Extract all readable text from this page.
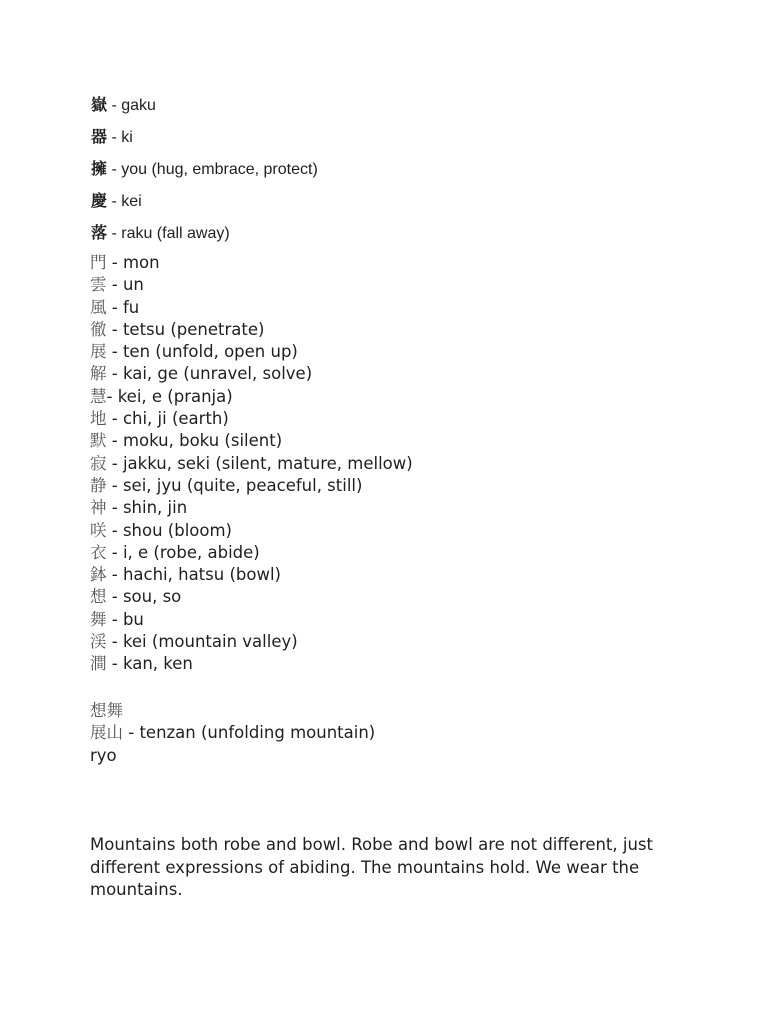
嶽 - gaku
器 - ki
擁 - you (hug, embrace, protect)
慶 - kei
落 - raku (fall away)
門 - mon
雲 - un
風 - fu
徹 - tetsu (penetrate)
展 - ten (unfold, open up)
解 - kai, ge (unravel, solve)
慧- kei, e (pranja)
地 - chi, ji (earth)
默 - moku, boku (silent)
寂 - jakku, seki (silent, mature, mellow)
静 - sei, jyu (quite, peaceful, still)
神 - shin, jin
咲 - shou (bloom)
衣 - i, e (robe, abide)
鉢 - hachi, hatsu (bowl)
想 - sou, so
舞 - bu
渓 - kei (mountain valley)
澗 - kan, ken
想舞
展山 - tenzan (unfolding mountain)
ryo
Mountains both robe and bowl. Robe and bowl are not different, just different expressions of abiding. The mountains hold. We wear the mountains.
